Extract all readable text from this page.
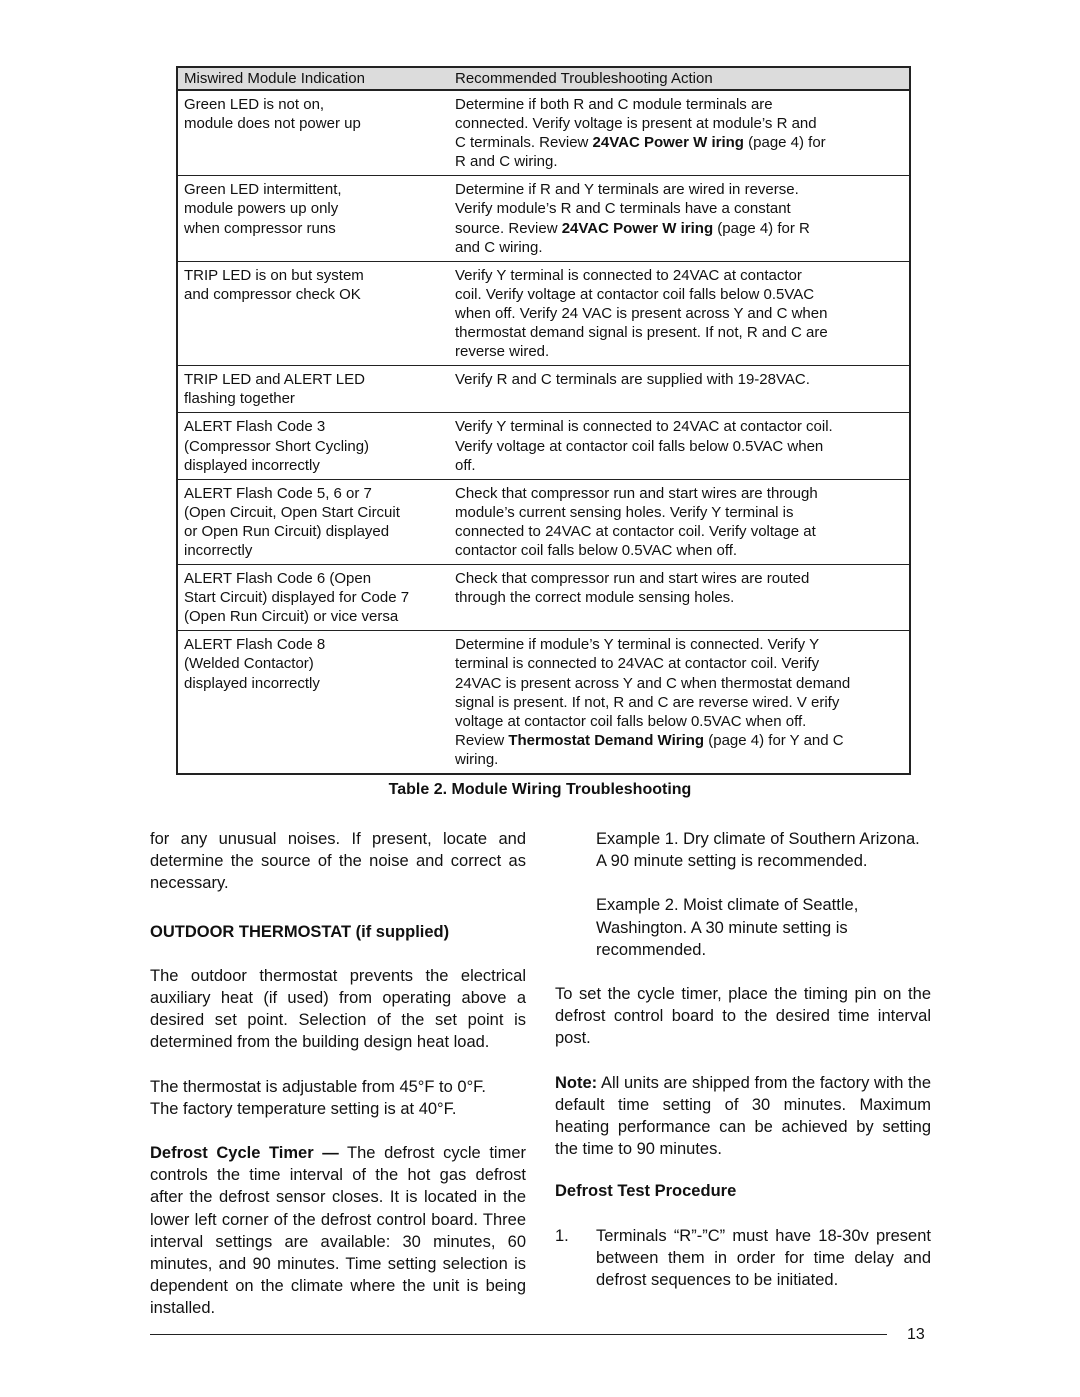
Miswired Module Indication	Recommended Troubleshooting Action
Green LED is not on,
module does not power up
Determine if both R and C module terminals are
connected. Verify voltage is present at module’s R and
C terminals. Review 24VAC Power W iring (page 4) for
R and C wiring.
Green LED intermittent,
module powers up only
when compressor runs
Determine if R and Y terminals are wired in reverse.
Verify module’s R and C terminals have a constant
source. Review 24VAC Power W iring (page 4) for R
and C wiring.
TRIP LED is on but system
and compressor check OK
Verify Y terminal is connected to 24VAC at contactor
coil. Verify voltage at contactor coil falls below 0.5VAC
when off. Verify 24 VAC is present across Y and C when
thermostat demand signal is present. If not, R and C are
reverse wired.
TRIP LED and ALERT LED
flashing together
Verify R and C terminals are supplied with 19-28VAC.
ALERT Flash Code 3
(Compressor Short Cycling)
displayed incorrectly
Verify Y terminal is connected to 24VAC at contactor coil.
Verify voltage at contactor coil falls below 0.5VAC when
off.
ALERT Flash Code 5, 6 or 7
(Open Circuit, Open Start Circuit
or Open Run Circuit) displayed
incorrectly
Check that compressor run and start wires are through
module’s current sensing holes. Verify Y terminal is
connected to 24VAC at contactor coil. Verify voltage at
contactor coil falls below 0.5VAC when off.
ALERT Flash Code 6 (Open
Start Circuit) displayed for Code 7
(Open Run Circuit) or vice versa
Check that compressor run and start wires are routed
through the correct module sensing holes.
ALERT Flash Code 8
(Welded Contactor)
displayed incorrectly
Determine if module’s Y terminal is connected. Verify Y
terminal is connected to 24VAC at contactor coil. Verify
24VAC is present across Y and C when thermostat demand
signal is present. If not, R and C are reverse wired. V erify
voltage at contactor coil falls below 0.5VAC when off.
Review Thermostat Demand Wiring (page 4) for Y and C
wiring.
Table 2. Module Wiring Troubleshooting

for any unusual noises. If present, locate and determine the source of the noise and correct as necessary.

OUTDOOR THERMOSTAT (if supplied)

The outdoor thermostat prevents the electrical auxiliary heat (if used) from operating above a desired set point. Selection of the set point is determined from the building design heat load.

The thermostat is adjustable from 45°F to 0°F.

The factory temperature setting is at 40°F.

Defrost Cycle Timer — The defrost cycle timer controls the time interval of the hot gas defrost after the defrost sensor closes. It is located in the lower left corner of the defrost control board. Three interval settings are available: 30 minutes, 60 minutes, and 90 minutes. Time setting selection is dependent on the climate where the unit is being installed.

Example 1. Dry climate of Southern Arizona. A 90 minute setting is recommended.

Example 2. Moist climate of Seattle, Washington. A 30 minute setting is recommended.

To set the cycle timer, place the timing pin on the defrost control board to the desired time interval post.

Note: All units are shipped from the factory with the default time setting of 30 minutes. Maximum heating performance can be achieved by setting the time to 90 minutes.

Defrost Test Procedure

1.	Terminals “R”-”C” must have 18-30v present between them in order for time delay and defrost sequences to be initiated.
13
